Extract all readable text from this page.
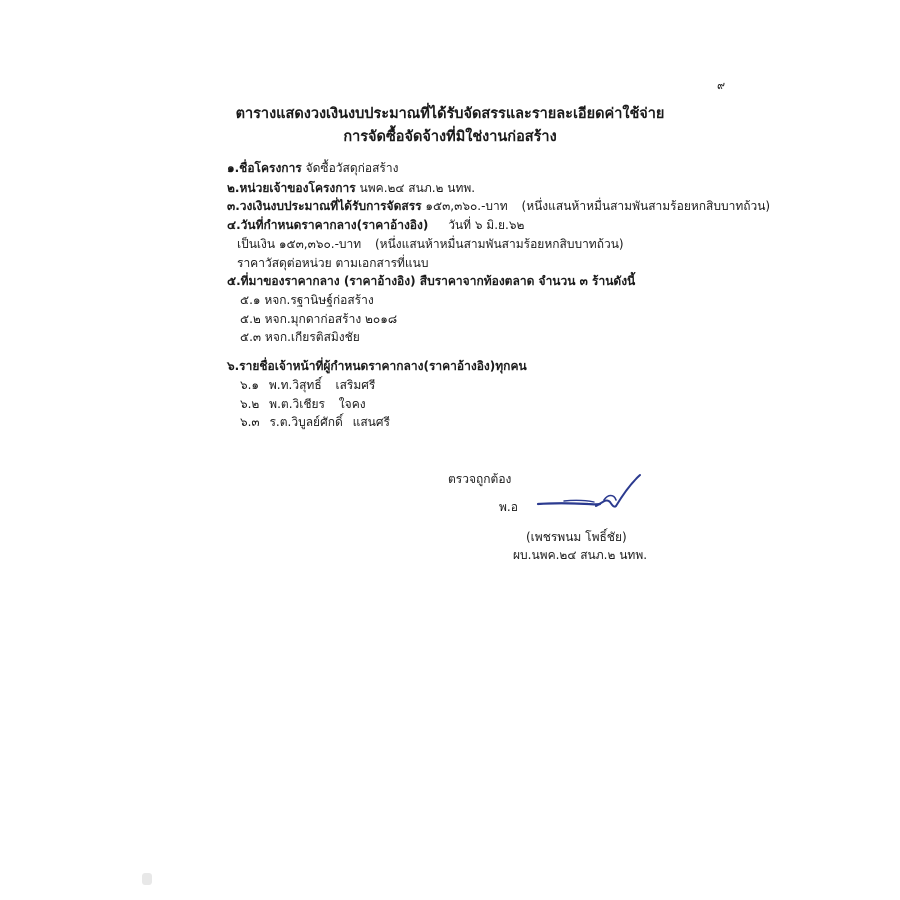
๙
ตารางแสดงวงเงินงบประมาณที่ได้รับจัดสรรและรายละเอียดค่าใช้จ่าย
การจัดซื้อจัดจ้างที่มิใช่งานก่อสร้าง
๑.ชื่อโครงการ จัดซื้อวัสดุก่อสร้าง
๒.หน่วยเจ้าของโครงการ นพค.๒๔ สนภ.๒ นทพ.
๓.วงเงินงบประมาณที่ได้รับการจัดสรร ๑๕๓,๓๖๐.-บาท (หนึ่งแสนห้าหมื่นสามพันสามร้อยหกสิบบาทถ้วน)
๔.วันที่กำหนดราคากลาง(ราคาอ้างอิง) วันที่ ๖ มิ.ย.๖๒
เป็นเงิน ๑๕๓,๓๖๐.-บาท (หนึ่งแสนห้าหมื่นสามพันสามร้อยหกสิบบาทถ้วน)
ราคาวัสดุต่อหน่วย ตามเอกสารที่แนบ
๕.ที่มาของราคากลาง (ราคาอ้างอิง) สืบราคาจากท้องตลาด จำนวน ๓ ร้านดังนี้
๕.๑ หจก.รฐานิษฐ์ก่อสร้าง
๕.๒ หจก.มุกดาก่อสร้าง ๒๐๑๘
๕.๓ หจก.เกียรติสมิงชัย
๖.รายชื่อเจ้าหน้าที่ผู้กำหนดราคากลาง(ราคาอ้างอิง)ทุกคน
๖.๑ พ.ท.วิสุทธิ์ เสริมศรี
๖.๒ พ.ต.วิเชียร ใจคง
๖.๓ ร.ต.วิบูลย์ศักดิ์ แสนศรี
ตรวจถูกต้อง
พ.อ
(เพชรพนม โพธิ์ชัย)
ผบ.นพค.๒๔ สนภ.๒ นทพ.
